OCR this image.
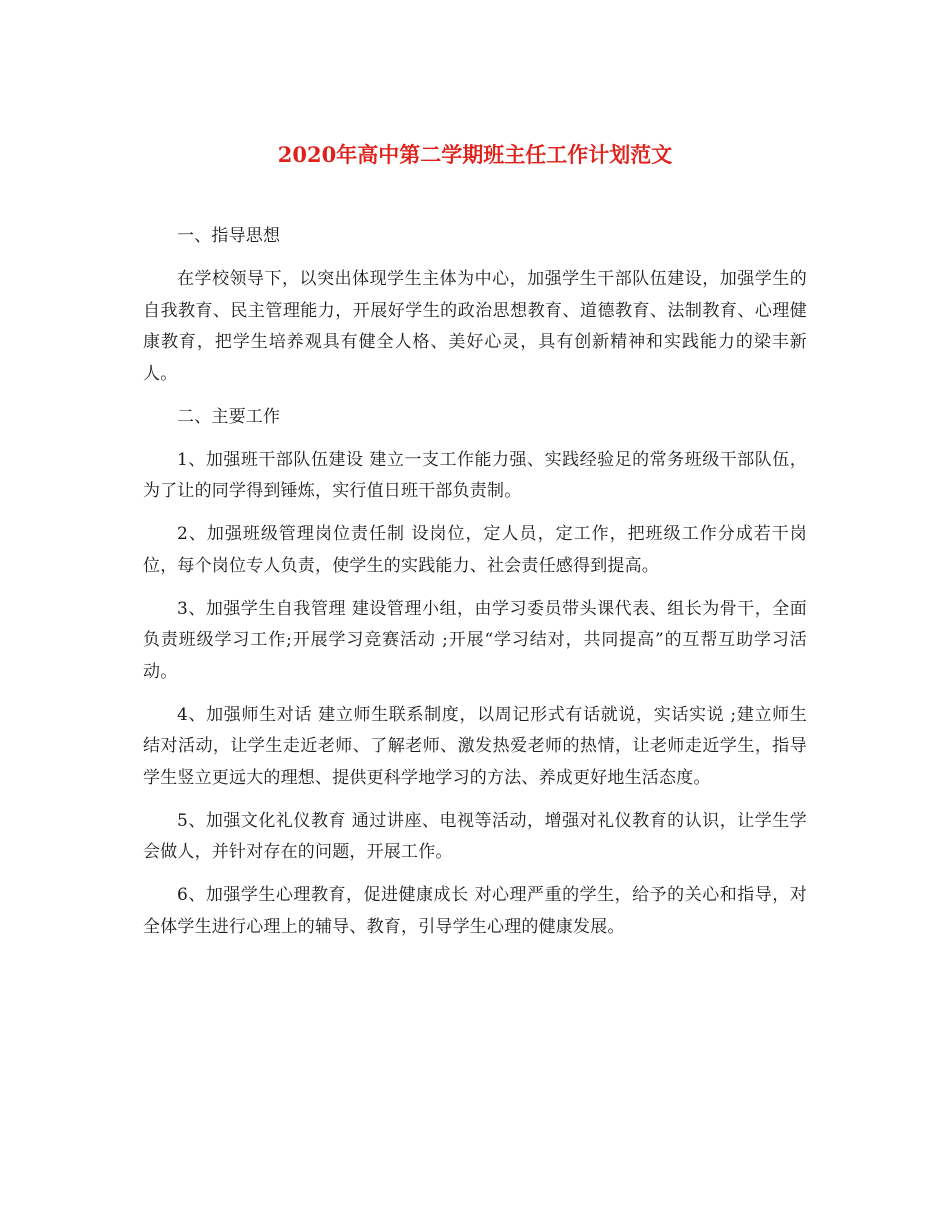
2020年高中第二学期班主任工作计划范文

一、指导思想

在学校领导下，以突出体现学生主体为中心，加强学生干部队伍建设，加强学生的自我教育、民主管理能力，开展好学生的政治思想教育、道德教育、法制教育、心理健康教育，把学生培养观具有健全人格、美好心灵，具有创新精神和实践能力的梁丰新人。

二、主要工作

1、加强班干部队伍建设 建立一支工作能力强、实践经验足的常务班级干部队伍， 为了让的同学得到锤炼，实行值日班干部负责制。

2、加强班级管理岗位责任制 设岗位，定人员，定工作，把班级工作分成若干岗位，每个岗位专人负责，使学生的实践能力、社会责任感得到提高。

3、加强学生自我管理 建设管理小组，由学习委员带头课代表、组长为骨干，全面负责班级学习工作;开展学习竞赛活动 ;开展“学习结对，共同提高”的互帮互助学习活动。

4、加强师生对话 建立师生联系制度，以周记形式有话就说，实话实说 ;建立师生结对活动，让学生走近老师、了解老师、激发热爱老师的热情，让老师走近学生，指导学生竖立更远大的理想、提供更科学地学习的方法、养成更好地生活态度。

5、加强文化礼仪教育 通过讲座、电视等活动，增强对礼仪教育的认识，让学生学会做人，并针对存在的问题，开展工作。

6、加强学生心理教育，促进健康成长 对心理严重的学生，给予的关心和指导，对全体学生进行心理上的辅导、教育，引导学生心理的健康发展。
